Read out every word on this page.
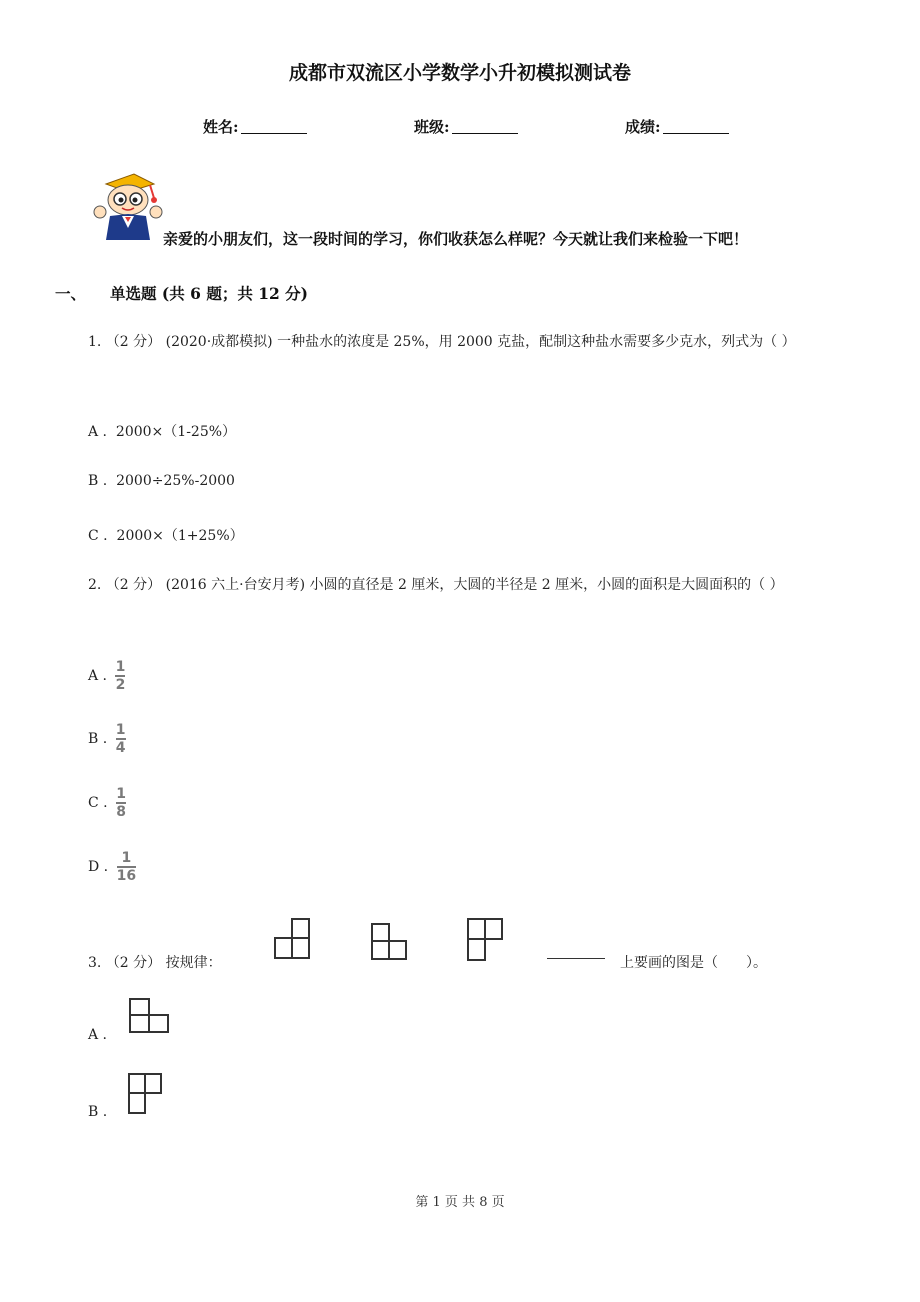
成都市双流区小学数学小升初模拟测试卷
姓名:	班级:	成绩:
亲爱的小朋友们，这一段时间的学习，你们收获怎么样呢？今天就让我们来检验一下吧！
一、 单选题 (共 6 题；共 12 分)
1. （2 分） (2020·成都模拟) 一种盐水的浓度是 25%，用 2000 克盐，配制这种盐水需要多少克水，列式为（ ）
A . 2000×（1-25%）
B . 2000÷25%-2000
C . 2000×（1+25%）
2. （2 分） (2016 六上·台安月考) 小圆的直径是 2 厘米，大圆的半径是 2 厘米，小圆的面积是大圆面积的（ ）
A . $\frac{1}{2}$
B . $\frac{1}{4}$
C . $\frac{1}{8}$
D . $\frac{1}{16}$
3. （2 分） 按规律：	上要画的图是（　　）。
A .
B .
第 1 页 共 8 页
